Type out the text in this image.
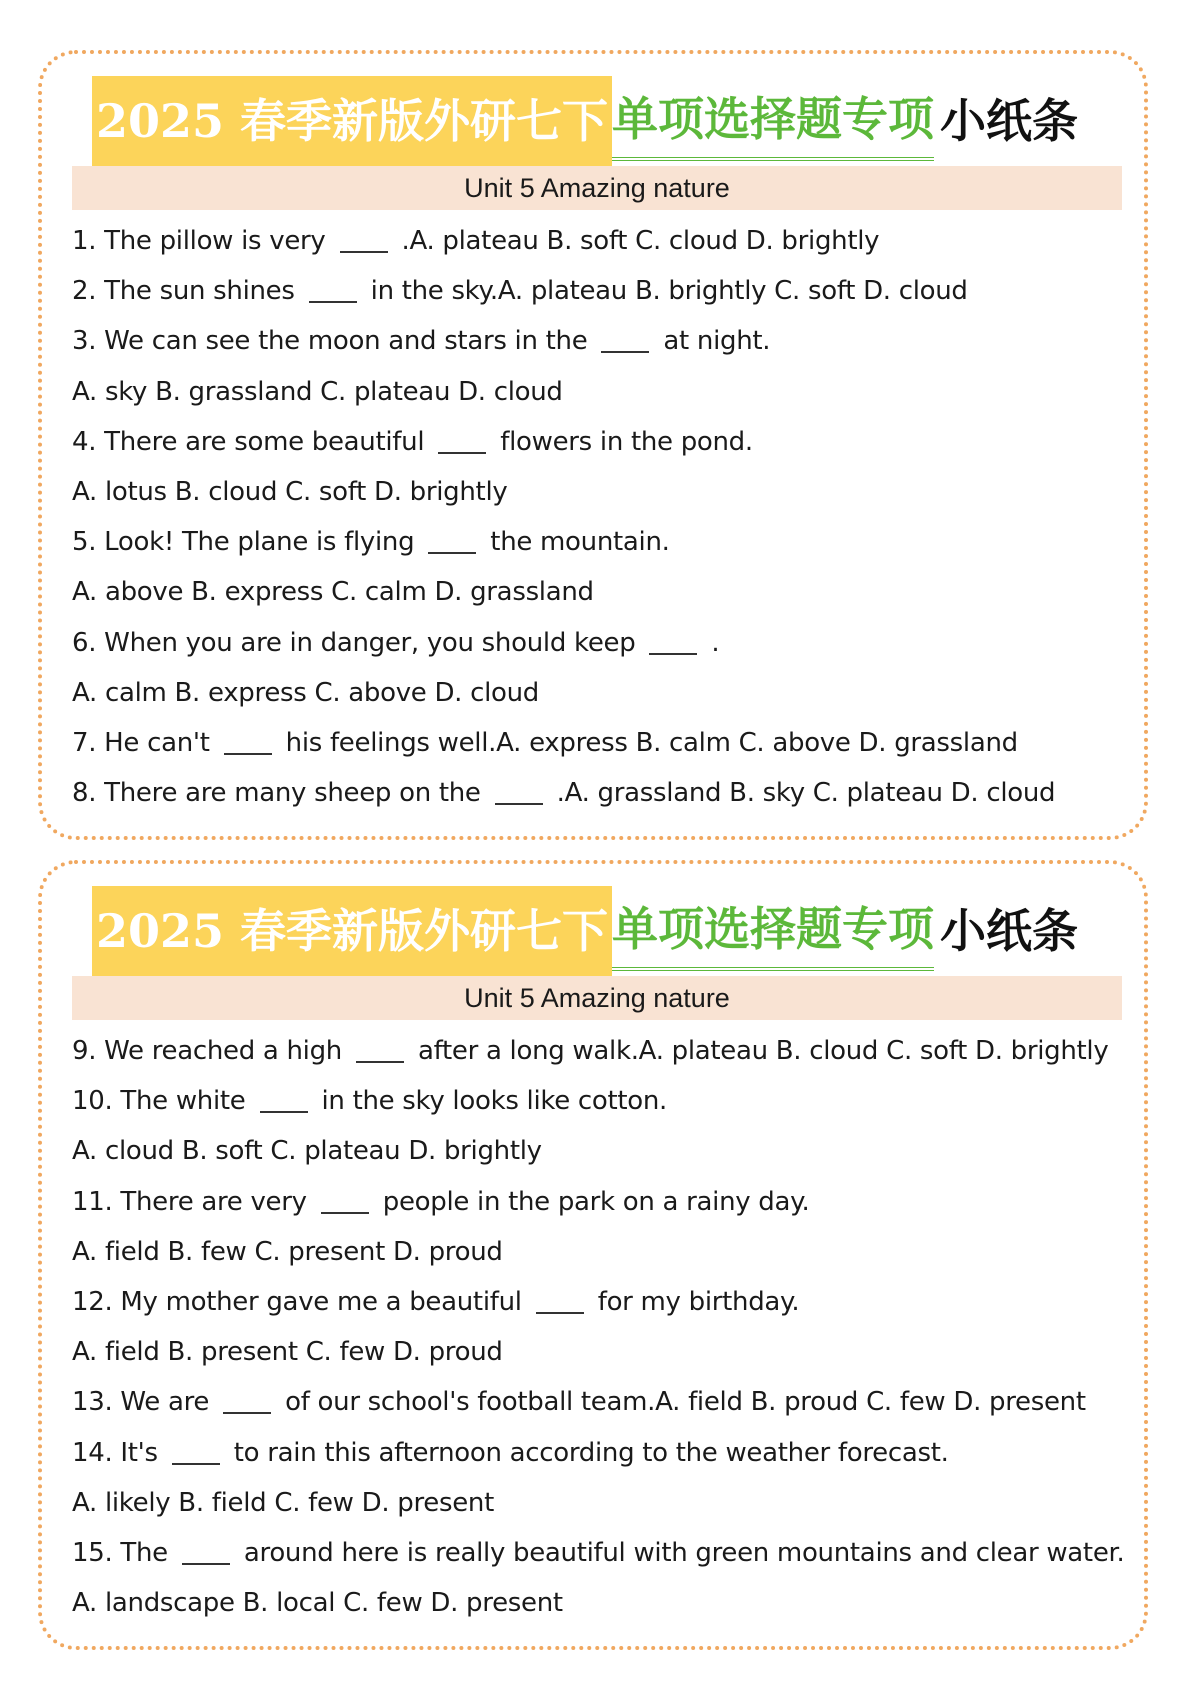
2025 春季新版外研七下 单项选择题专项 小纸条
Unit 5 Amazing nature
1. The pillow is very	.A. plateau B. soft C. cloud D. brightly
2. The sun shines	in the sky.A. plateau B. brightly C. soft D. cloud
3. We can see the moon and stars in the	at night.
A. sky B. grassland C. plateau D. cloud
4. There are some beautiful	flowers in the pond.
A. lotus B. cloud C. soft D. brightly
5. Look! The plane is flying	the mountain.
A. above B. express C. calm D. grassland
6. When you are in danger, you should keep	.
A. calm B. express C. above D. cloud
7. He can't	his feelings well.A. express B. calm C. above D. grassland
8. There are many sheep on the	.A. grassland B. sky C. plateau D. cloud
2025 春季新版外研七下 单项选择题专项 小纸条
Unit 5 Amazing nature
9. We reached a high	after a long walk.A. plateau B. cloud C. soft D. brightly
10. The white	in the sky looks like cotton.
A. cloud B. soft C. plateau D. brightly
11. There are very	people in the park on a rainy day.
A. field B. few C. present D. proud
12. My mother gave me a beautiful	for my birthday.
A. field B. present C. few D. proud
13. We are	of our school's football team.A. field B. proud C. few D. present
14. It's	to rain this afternoon according to the weather forecast.
A. likely B. field C. few D. present
15. The	around here is really beautiful with green mountains and clear water.
A. landscape B. local C. few D. present
